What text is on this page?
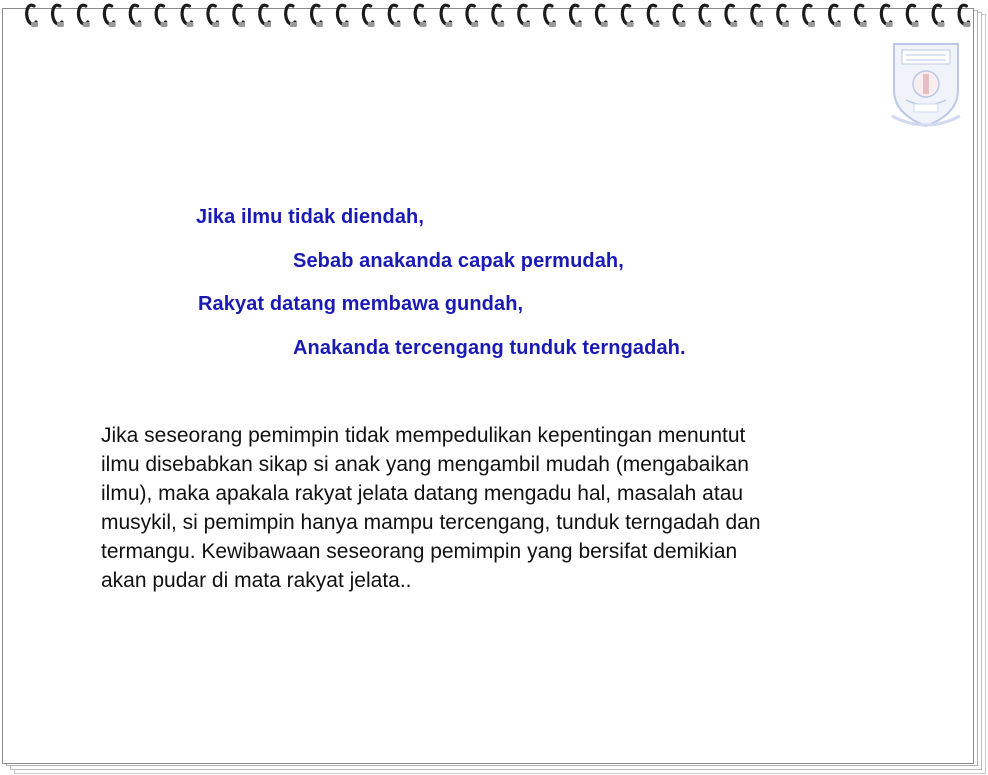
Jika ilmu tidak diendah,
Sebab anakanda capak permudah,
Rakyat datang membawa gundah,
Anakanda tercengang tunduk terngadah.

Jika seseorang pemimpin tidak mempedulikan kepentingan menuntut
ilmu disebabkan sikap si anak yang mengambil mudah (mengabaikan
ilmu), maka apakala rakyat jelata datang mengadu hal, masalah atau
musykil, si pemimpin hanya mampu tercengang, tunduk terngadah dan
termangu. Kewibawaan seseorang pemimpin yang bersifat demikian
akan pudar di mata rakyat jelata..
